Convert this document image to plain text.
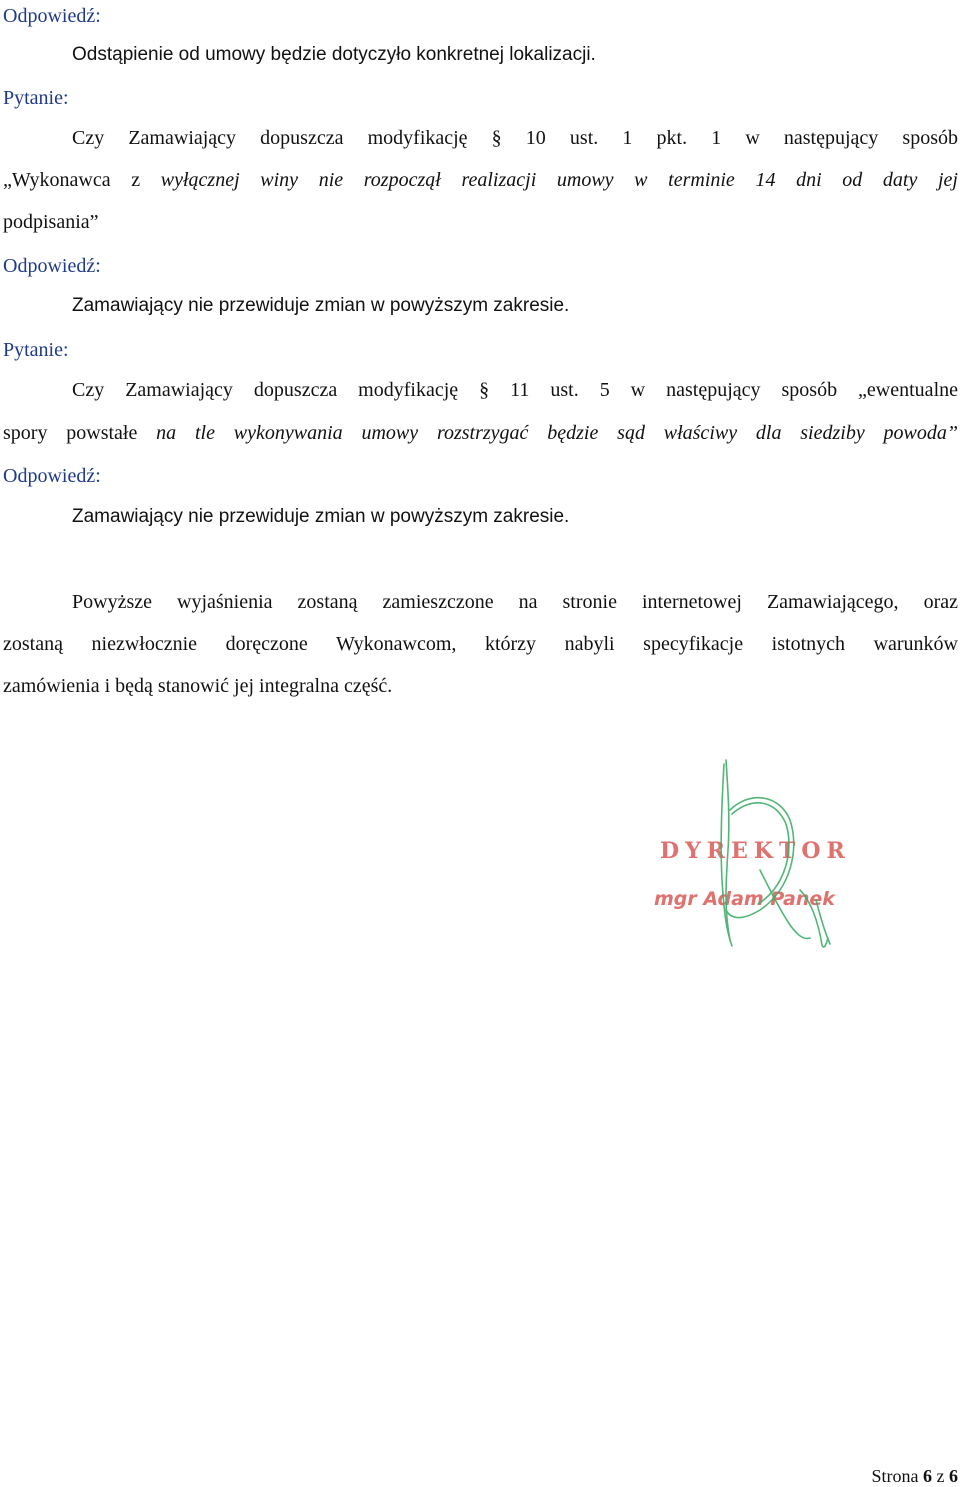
Odpowiedź:
Odstąpienie od umowy będzie dotyczyło konkretnej lokalizacji.
Pytanie:
Czy Zamawiający dopuszcza modyfikację § 10 ust. 1 pkt. 1 w następujący sposób
„Wykonawca z wyłącznej winy nie rozpoczął realizacji umowy w terminie 14 dni od daty jej
podpisania”
Odpowiedź:
Zamawiający nie przewiduje zmian w powyższym zakresie.
Pytanie:
Czy Zamawiający dopuszcza modyfikację § 11 ust. 5 w następujący sposób „ewentualne
spory powstałe na tle wykonywania umowy rozstrzygać będzie sąd właściwy dla siedziby powoda”
Odpowiedź:
Zamawiający nie przewiduje zmian w powyższym zakresie.
Powyższe wyjaśnienia zostaną zamieszczone na stronie internetowej Zamawiającego, oraz
zostaną niezwłocznie doręczone Wykonawcom, którzy nabyli specyfikacje istotnych warunków
zamówienia i będą stanowić jej integralna część.
DYREKTOR
mgr Adam Panek
Strona 6 z 6
